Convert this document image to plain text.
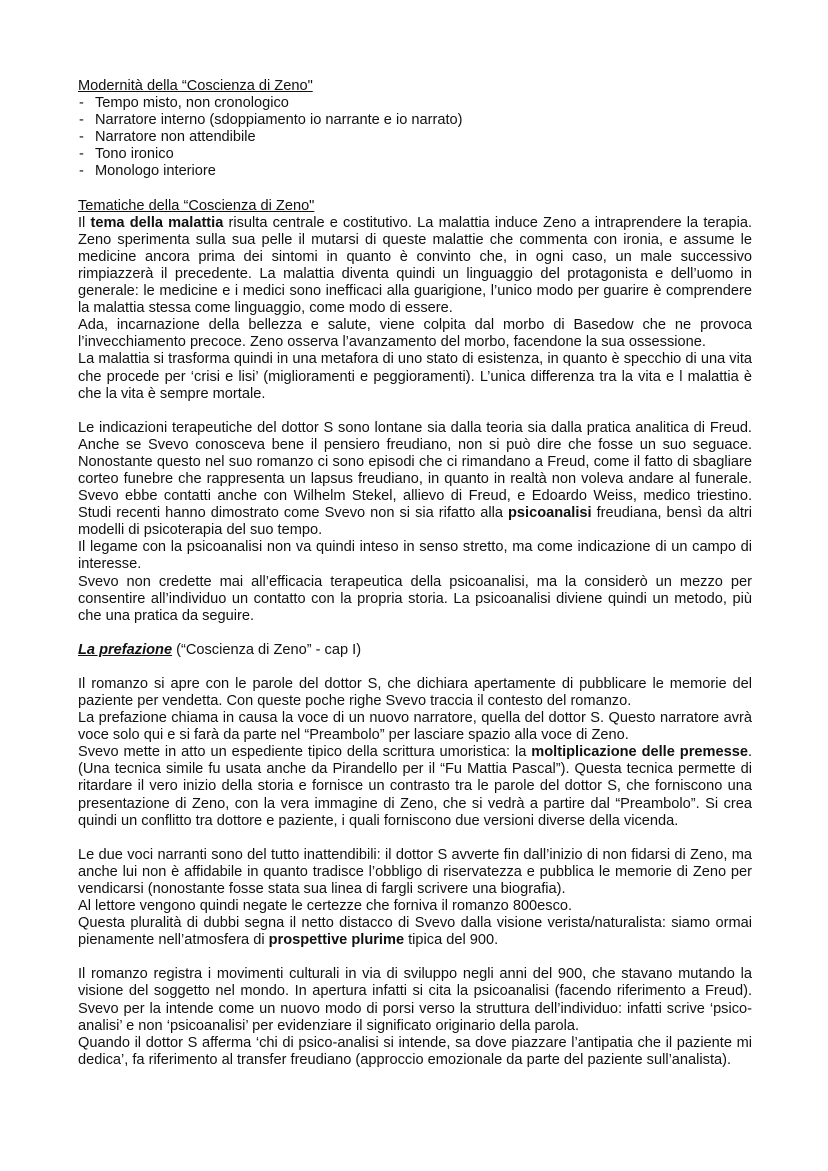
Modernità della “Coscienza di Zeno"
- Tempo misto, non cronologico
- Narratore interno (sdoppiamento io narrante e io narrato)
- Narratore non attendibile
- Tono ironico
- Monologo interiore
Tematiche della “Coscienza di Zeno"

Il tema della malattia risulta centrale e costitutivo. La malattia induce Zeno a intraprendere la terapia. Zeno sperimenta sulla sua pelle il mutarsi di queste malattie che commenta con ironia, e assume le medicine ancora prima dei sintomi in quanto è convinto che, in ogni caso, un male successivo rimpiazzerà il precedente. La malattia diventa quindi un linguaggio del protagonista e dell’uomo in generale: le medicine e i medici sono inefficaci alla guarigione, l’unico modo per guarire è comprendere la malattia stessa come linguaggio, come modo di essere.

Ada, incarnazione della bellezza e salute, viene colpita dal morbo di Basedow che ne provoca l’invecchiamento precoce. Zeno osserva l’avanzamento del morbo, facendone la sua ossessione.

La malattia si trasforma quindi in una metafora di uno stato di esistenza, in quanto è specchio di una vita che procede per ‘crisi e lisi’ (miglioramenti e peggioramenti). L’unica differenza tra la vita e l malattia è che la vita è sempre mortale.

Le indicazioni terapeutiche del dottor S sono lontane sia dalla teoria sia dalla pratica analitica di Freud. Anche se Svevo conosceva bene il pensiero freudiano, non si può dire che fosse un suo seguace. Nonostante questo nel suo romanzo ci sono episodi che ci rimandano a Freud, come il fatto di sbagliare corteo funebre che rappresenta un lapsus freudiano, in quanto in realtà non voleva andare al funerale. Svevo ebbe contatti anche con Wilhelm Stekel, allievo di Freud, e Edoardo Weiss, medico triestino. Studi recenti hanno dimostrato come Svevo non si sia rifatto alla psicoanalisi freudiana, bensì da altri modelli di psicoterapia del suo tempo.

Il legame con la psicoanalisi non va quindi inteso in senso stretto, ma come indicazione di un campo di interesse.

Svevo non credette mai all’efficacia terapeutica della psicoanalisi, ma la considerò un mezzo per consentire all’individuo un contatto con la propria storia. La psicoanalisi diviene quindi un metodo, più che una pratica da seguire.

La prefazione (“Coscienza di Zeno” - cap I)

Il romanzo si apre con le parole del dottor S, che dichiara apertamente di pubblicare le memorie del paziente per vendetta. Con queste poche righe Svevo traccia il contesto del romanzo.

La prefazione chiama in causa la voce di un nuovo narratore, quella del dottor S. Questo narratore avrà voce solo qui e si farà da parte nel “Preambolo” per lasciare spazio alla voce di Zeno.

Svevo mette in atto un espediente tipico della scrittura umoristica: la moltiplicazione delle premesse. (Una tecnica simile fu usata anche da Pirandello per il “Fu Mattia Pascal”). Questa tecnica permette di ritardare il vero inizio della storia e fornisce un contrasto tra le parole del dottor S, che forniscono una presentazione di Zeno, con la vera immagine di Zeno, che si vedrà a partire dal “Preambolo”. Si crea quindi un conflitto tra dottore e paziente, i quali forniscono due versioni diverse della vicenda.

Le due voci narranti sono del tutto inattendibili: il dottor S avverte fin dall’inizio di non fidarsi di Zeno, ma anche lui non è affidabile in quanto tradisce l’obbligo di riservatezza e pubblica le memorie di Zeno per vendicarsi (nonostante fosse stata sua linea di fargli scrivere una biografia).

Al lettore vengono quindi negate le certezze che forniva il romanzo 800esco.

Questa pluralità di dubbi segna il netto distacco di Svevo dalla visione verista/naturalista: siamo ormai pienamente nell’atmosfera di prospettive plurime tipica del 900.

Il romanzo registra i movimenti culturali in via di sviluppo negli anni del 900, che stavano mutando la visione del soggetto nel mondo. In apertura infatti si cita la psicoanalisi (facendo riferimento a Freud). Svevo per la intende come un nuovo modo di porsi verso la struttura dell’individuo: infatti scrive ‘psico-analisi’ e non ‘psicoanalisi’ per evidenziare il significato originario della parola.

Quando il dottor S afferma ‘chi di psico-analisi si intende, sa dove piazzare l’antipatia che il paziente mi dedica’, fa riferimento al transfer freudiano (approccio emozionale da parte del paziente sull’analista).
